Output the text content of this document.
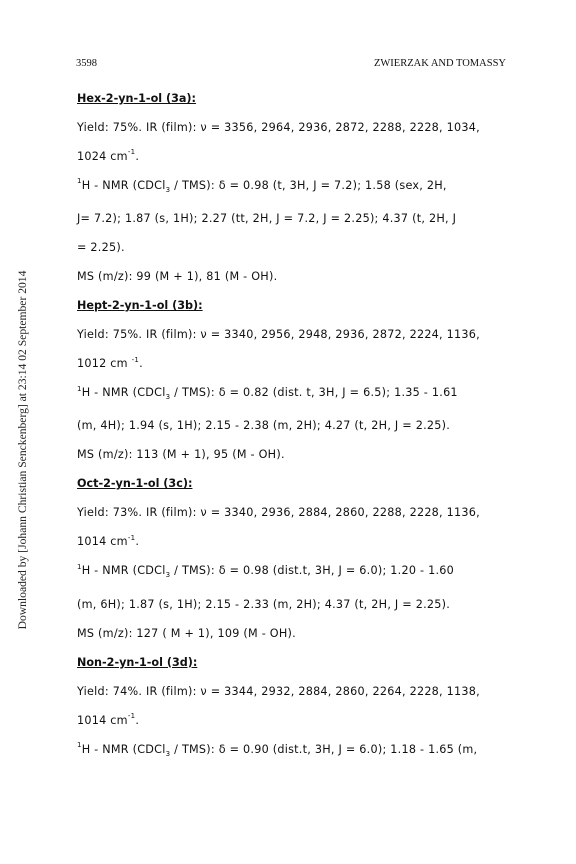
Downloaded by [Johann Christian Senckenberg] at 23:14 02 September 2014
3598	ZWIERZAK AND TOMASSY
Hex-2-yn-1-ol (3a):
Yield: 75%. IR (film): ν = 3356, 2964, 2936, 2872, 2288, 2228, 1034,
1024 $cm^{-1}$.
$^1$H - NMR (CDCl$_3$ / TMS): δ = 0.98 (t, 3H, J = 7.2); 1.58 (sex, 2H,
J= 7.2); 1.87 (s, 1H); 2.27 (tt, 2H, J = 7.2, J = 2.25); 4.37 (t, 2H, J
= 2.25).
MS (m/z): 99 (M + 1), 81 (M - OH).
Hept-2-yn-1-ol (3b):
Yield: 75%. IR (film): ν = 3340, 2956, 2948, 2936, 2872, 2224, 1136,
1012 cm $^{-1}$.
$^1$H - NMR (CDCl$_3$ / TMS): δ = 0.82 (dist. t, 3H, J = 6.5); 1.35 - 1.61
(m, 4H); 1.94 (s, 1H); 2.15 - 2.38 (m, 2H); 4.27 (t, 2H, J = 2.25).
MS (m/z): 113 (M + 1), 95 (M - OH).
Oct-2-yn-1-ol (3c):
Yield: 73%. IR (film): ν = 3340, 2936, 2884, 2860, 2288, 2228, 1136,
1014 $cm^{-1}$.
$^1$H - NMR (CDCl$_3$ / TMS): δ = 0.98 (dist.t, 3H, J = 6.0); 1.20 - 1.60
(m, 6H); 1.87 (s, 1H); 2.15 - 2.33 (m, 2H); 4.37 (t, 2H, J = 2.25).
MS (m/z): 127 ( M + 1), 109 (M - OH).
Non-2-yn-1-ol (3d):
Yield: 74%. IR (film): ν = 3344, 2932, 2884, 2860, 2264, 2228, 1138,
1014 $cm^{-1}$.
$^1$H - NMR (CDCl$_3$ / TMS): δ = 0.90 (dist.t, 3H, J = 6.0); 1.18 - 1.65 (m,
